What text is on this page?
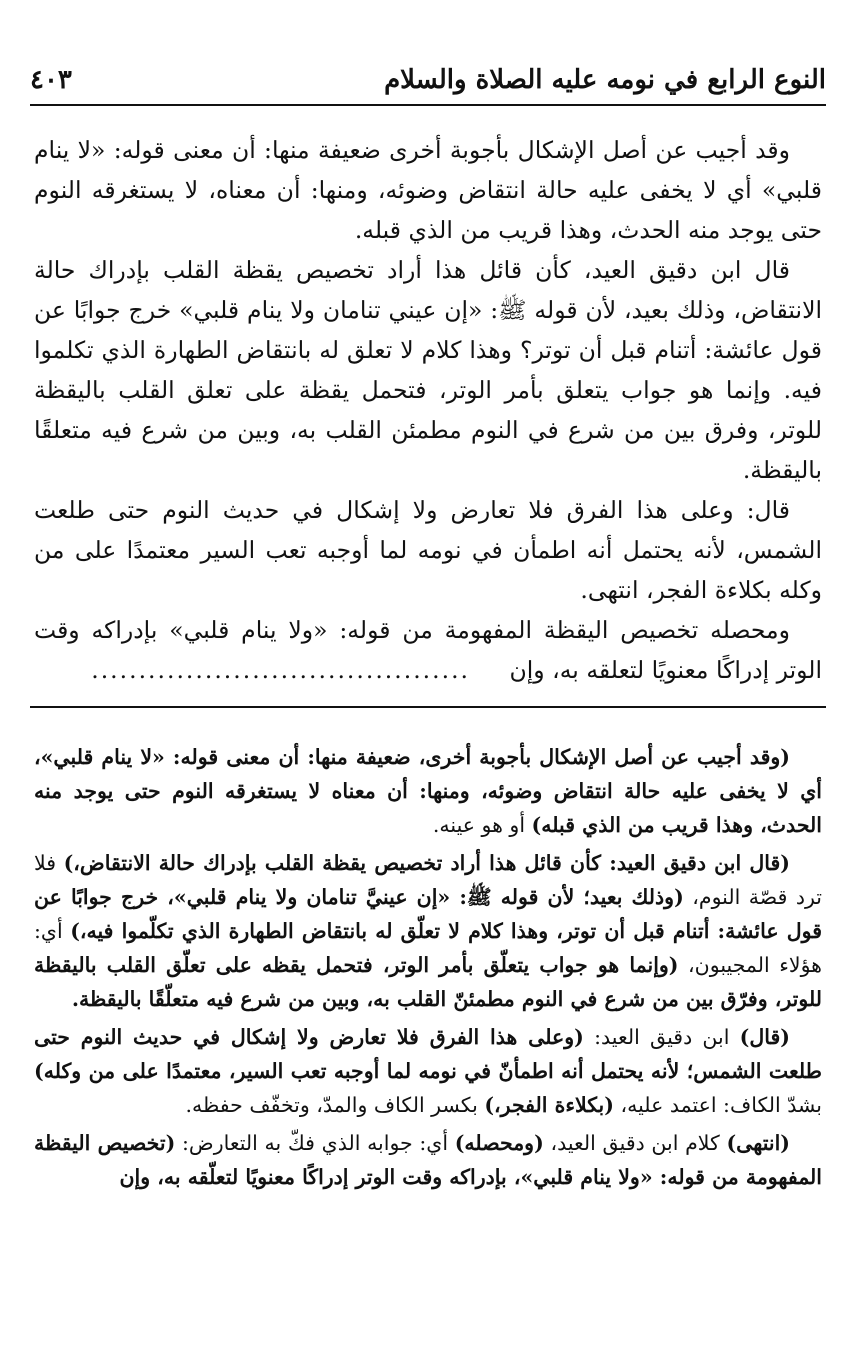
النوع الرابع في نومه عليه الصلاة والسلام
٤٠٣

وقد أجيب عن أصل الإشكال بأجوبة أخرى ضعيفة منها: أن معنى قوله: «لا ينام قلبي» أي لا يخفى عليه حالة انتقاض وضوئه، ومنها: أن معناه، لا يستغرقه النوم حتى يوجد منه الحدث، وهذا قريب من الذي قبله.

قال ابن دقيق العيد، كأن قائل هذا أراد تخصيص يقظة القلب بإدراك حالة الانتقاض، وذلك بعيد، لأن قوله ﷺ: «إن عيني تنامان ولا ينام قلبي» خرج جوابًا عن قول عائشة: أتنام قبل أن توتر؟ وهذا كلام لا تعلق له بانتقاض الطهارة الذي تكلموا فيه. وإنما هو جواب يتعلق بأمر الوتر، فتحمل يقظة على تعلق القلب باليقظة للوتر، وفرق بين من شرع في النوم مطمئن القلب به، وبين من شرع فيه متعلقًا باليقظة.

قال: وعلى هذا الفرق فلا تعارض ولا إشكال في حديث النوم حتى طلعت الشمس، لأنه يحتمل أنه اطمأن في نومه لما أوجبه تعب السير معتمدًا على من وكله بكلاءة الفجر، انتهى.

ومحصله تخصيص اليقظة المفهومة من قوله: «ولا ينام قلبي» بإدراكه وقت الوتر إدراكًا معنويًا لتعلقه به، وإن ........................................

(وقد أجيب عن أصل الإشكال بأجوبة أخرى، ضعيفة منها: أن معنى قوله: «لا ينام قلبي»، أي لا يخفى عليه حالة انتقاض وضوئه، ومنها: أن معناه لا يستغرقه النوم حتى يوجد منه الحدث، وهذا قريب من الذي قبله) أو هو عينه.

(قال ابن دقيق العيد: كأن قائل هذا أراد تخصيص يقظة القلب بإدراك حالة الانتقاض،) فلا ترد قصّة النوم، (وذلك بعيد؛ لأن قوله ﷺ: «إن عينيَّ تنامان ولا ينام قلبي»، خرج جوابًا عن قول عائشة: أتنام قبل أن توتر، وهذا كلام لا تعلّق له بانتقاض الطهارة الذي تكلّموا فيه،) أي: هؤلاء المجيبون، (وإنما هو جواب يتعلّق بأمر الوتر، فتحمل يقظه على تعلّق القلب باليقظة للوتر، وفرّق بين من شرع في النوم مطمئنّ القلب به، وبين من شرع فيه متعلّقًا باليقظة.

(قال) ابن دقيق العيد: (وعلى هذا الفرق فلا تعارض ولا إشكال في حديث النوم حتى طلعت الشمس؛ لأنه يحتمل أنه اطمأنّ في نومه لما أوجبه تعب السير، معتمدًا على من وكله) بشدّ الكاف: اعتمد عليه، (بكلاءة الفجر،) بكسر الكاف والمدّ، وتخفّف حفظه.

(انتهى) كلام ابن دقيق العيد، (ومحصله) أي: جوابه الذي فكّ به التعارض: (تخصيص اليقظة المفهومة من قوله: «ولا ينام قلبي»، بإدراكه وقت الوتر إدراكًا معنويًا لتعلّقه به، وإن
